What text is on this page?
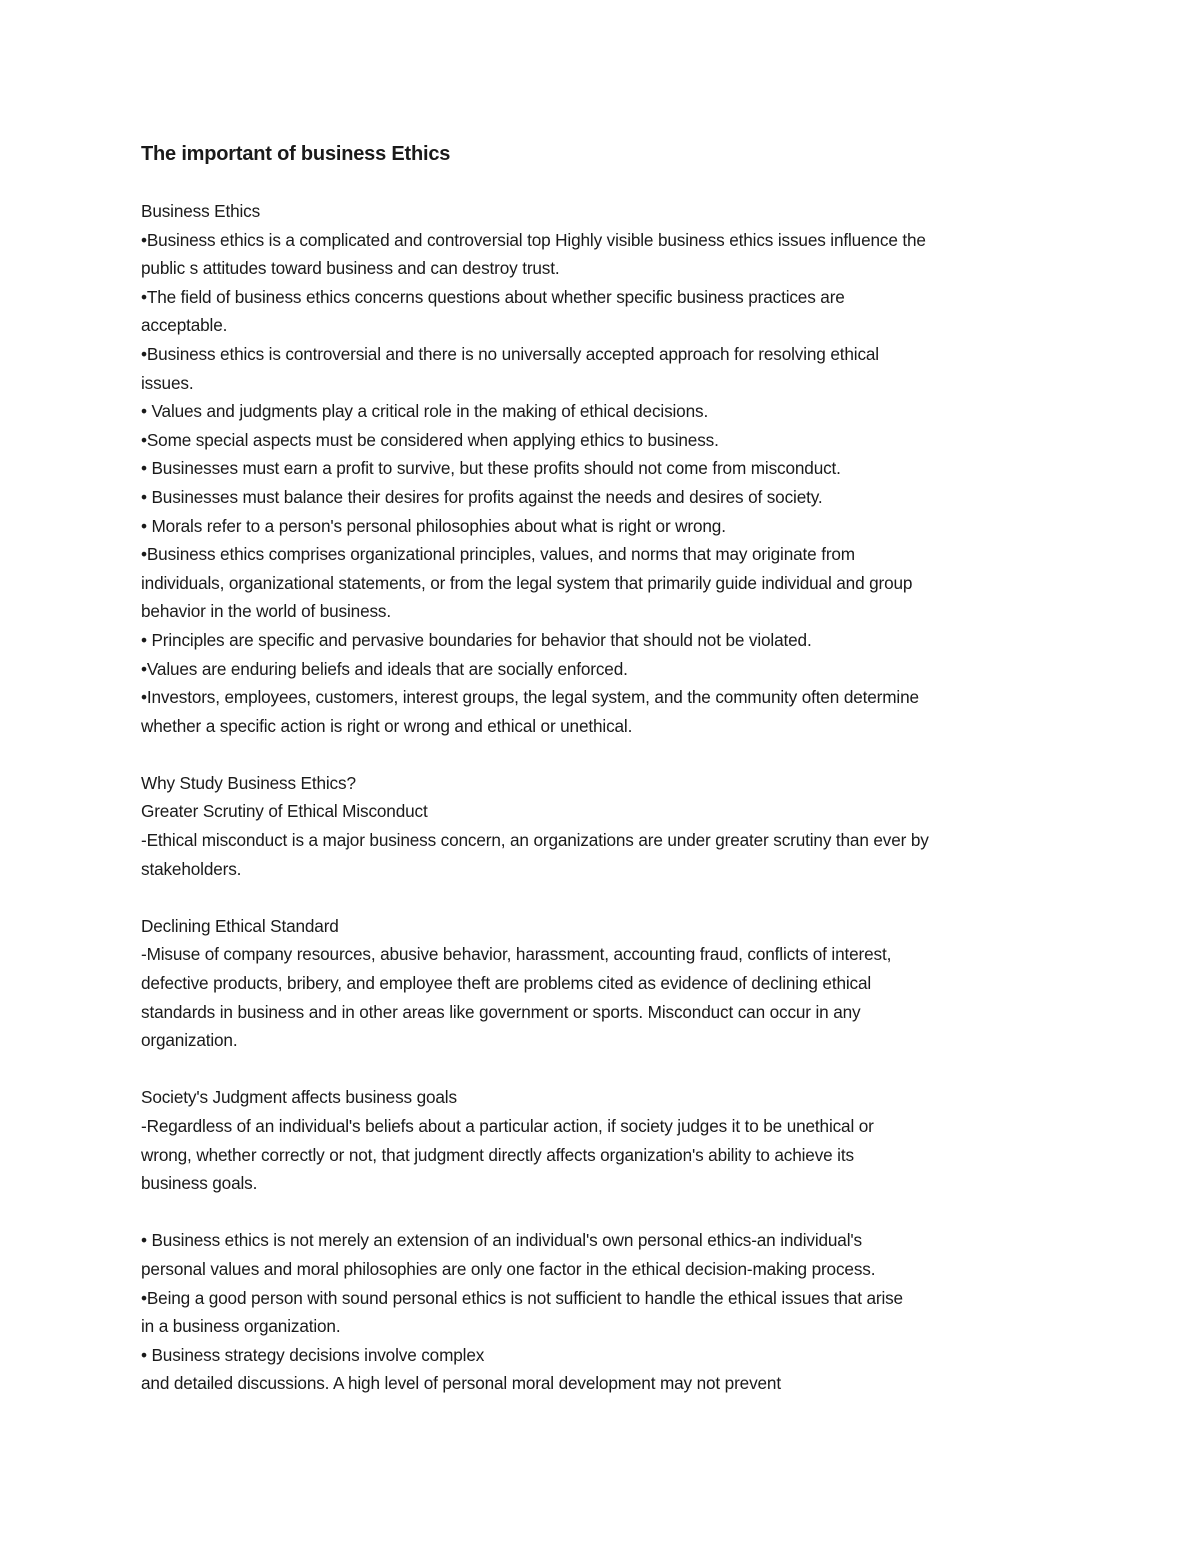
The important of business Ethics

Business Ethics

•Business ethics is a complicated and controversial top Highly visible business ethics issues influence the

public s attitudes toward business and can destroy trust.

•The field of business ethics concerns questions about whether specific business practices are

acceptable.

•Business ethics is controversial and there is no universally accepted approach for resolving ethical

issues.

• Values and judgments play a critical role in the making of ethical decisions.

•Some special aspects must be considered when applying ethics to business.

• Businesses must earn a profit to survive, but these profits should not come from misconduct.

• Businesses must balance their desires for profits against the needs and desires of society.

• Morals refer to a person's personal philosophies about what is right or wrong.

•Business ethics comprises organizational principles, values, and norms that may originate from

individuals, organizational statements, or from the legal system that primarily guide individual and group

behavior in the world of business.

• Principles are specific and pervasive boundaries for behavior that should not be violated.

•Values are enduring beliefs and ideals that are socially enforced.

•Investors, employees, customers, interest groups, the legal system, and the community often determine

whether a specific action is right or wrong and ethical or unethical.

Why Study Business Ethics?

Greater Scrutiny of Ethical Misconduct

-Ethical misconduct is a major business concern, an organizations are under greater scrutiny than ever by

stakeholders.

Declining Ethical Standard

-Misuse of company resources, abusive behavior, harassment, accounting fraud, conflicts of interest,

defective products, bribery, and employee theft are problems cited as evidence of declining ethical

standards in business and in other areas like government or sports. Misconduct can occur in any

organization.

Society's Judgment affects business goals

-Regardless of an individual's beliefs about a particular action, if society judges it to be unethical or

wrong, whether correctly or not, that judgment directly affects organization's ability to achieve its

business goals.

• Business ethics is not merely an extension of an individual's own personal ethics-an individual's

personal values and moral philosophies are only one factor in the ethical decision-making process.

•Being a good person with sound personal ethics is not sufficient to handle the ethical issues that arise

in a business organization.

• Business strategy decisions involve complex

and detailed discussions. A high level of personal moral development may not prevent
